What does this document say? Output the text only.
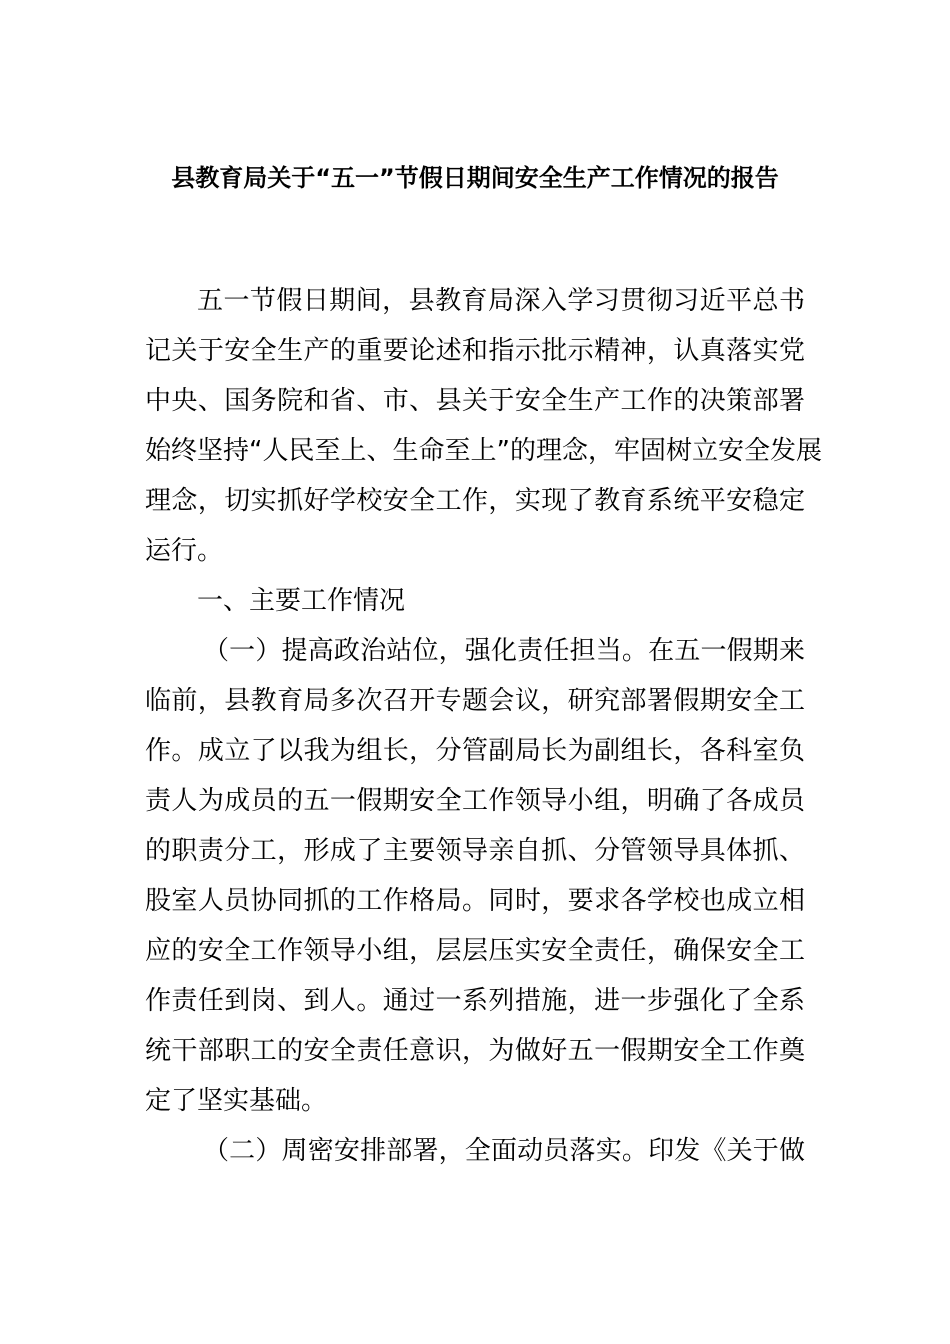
县教育局关于“五一”节假日期间安全生产工作情况的报告
五一节假日期间，县教育局深入学习贯彻习近平总书
记关于安全生产的重要论述和指示批示精神，认真落实党
中央、国务院和省、市、县关于安全生产工作的决策部署
始终坚持“人民至上、生命至上”的理念，牢固树立安全发展
理念，切实抓好学校安全工作，实现了教育系统平安稳定
运行。
一、主要工作情况
（一）提高政治站位，强化责任担当。在五一假期来
临前，县教育局多次召开专题会议，研究部署假期安全工
作。成立了以我为组长，分管副局长为副组长，各科室负
责人为成员的五一假期安全工作领导小组，明确了各成员
的职责分工，形成了主要领导亲自抓、分管领导具体抓、
股室人员协同抓的工作格局。同时，要求各学校也成立相
应的安全工作领导小组，层层压实安全责任，确保安全工
作责任到岗、到人。通过一系列措施，进一步强化了全系
统干部职工的安全责任意识，为做好五一假期安全工作奠
定了坚实基础。
（二）周密安排部署，全面动员落实。印发《关于做
